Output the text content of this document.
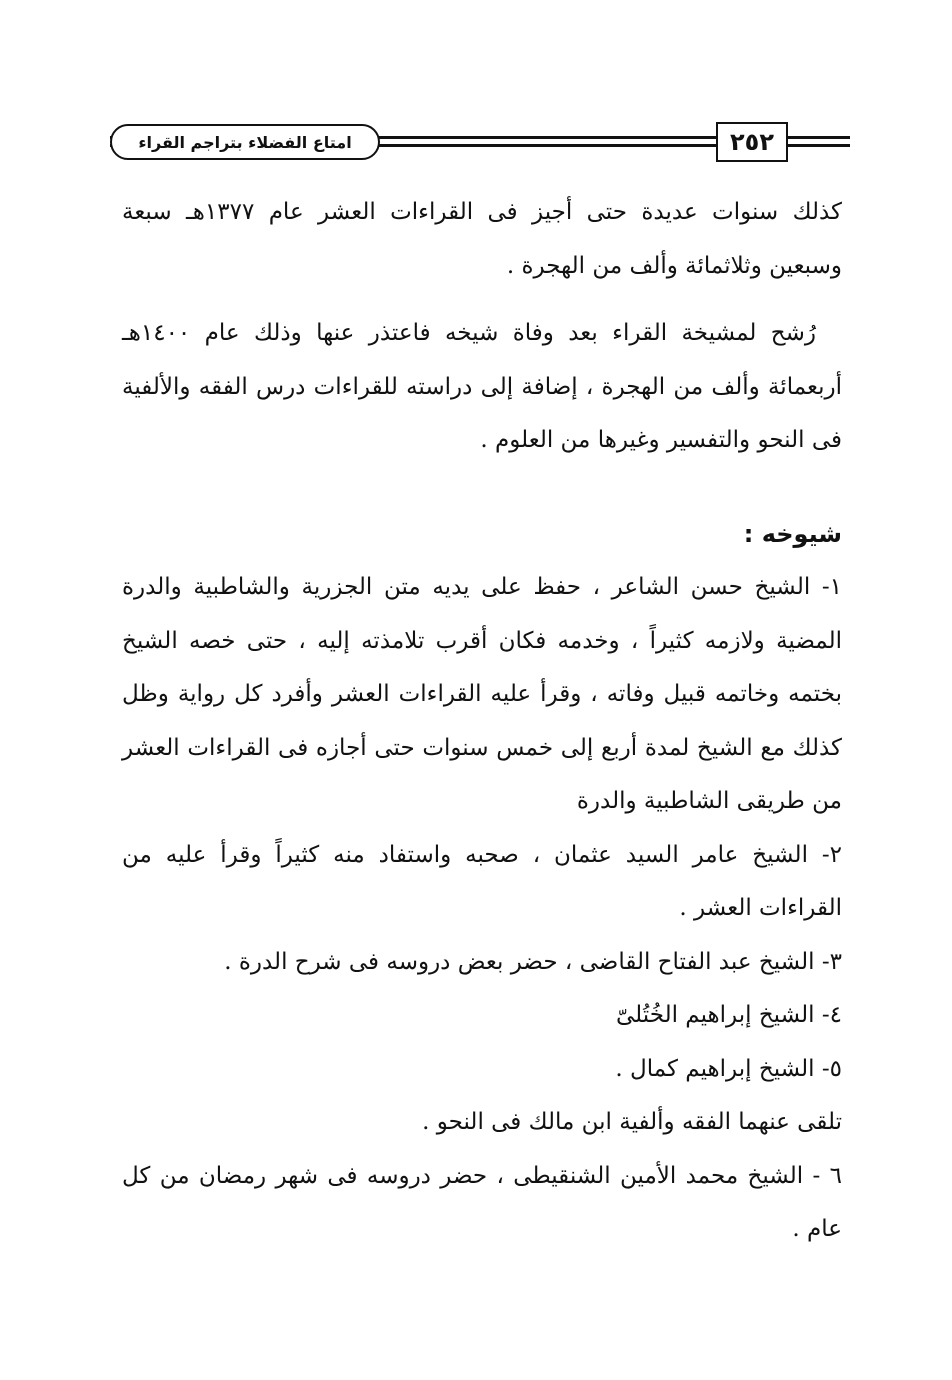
امتاع الفضلاء بتراجم القراء	٢٥٢

كذلك سنوات عديدة حتى أجيز فى القراءات العشر عام ١٣٧٧هـ سبعة وسبعين وثلاثمائة وألف من الهجرة .

رُشح لمشيخة القراء بعد وفاة شيخه فاعتذر عنها وذلك عام ١٤٠٠هـ أربعمائة وألف من الهجرة ، إضافة إلى دراسته للقراءات درس الفقه والألفية فى النحو والتفسير وغيرها من العلوم .

شيوخه :

١- الشيخ حسن الشاعر ، حفظ على يديه متن الجزرية والشاطبية والدرة المضية ولازمه كثيراً ، وخدمه فكان أقرب تلامذته إليه ، حتى خصه الشيخ بختمه وخاتمه قبيل وفاته ، وقرأ عليه القراءات العشر وأفرد كل رواية وظل كذلك مع الشيخ لمدة أربع إلى خمس سنوات حتى أجازه فى القراءات العشر من طريقى الشاطبية والدرة

٢- الشيخ عامر السيد عثمان ، صحبه واستفاد منه كثيراً وقرأ عليه من القراءات العشر .

٣- الشيخ عبد الفتاح القاضى ، حضر بعض دروسه فى شرح الدرة .

٤- الشيخ إبراهيم الخُتُلىّ

٥- الشيخ إبراهيم كمال .

تلقى عنهما الفقه وألفية ابن مالك فى النحو .

٦ - الشيخ محمد الأمين الشنقيطى ، حضر دروسه فى شهر رمضان من كل عام .
